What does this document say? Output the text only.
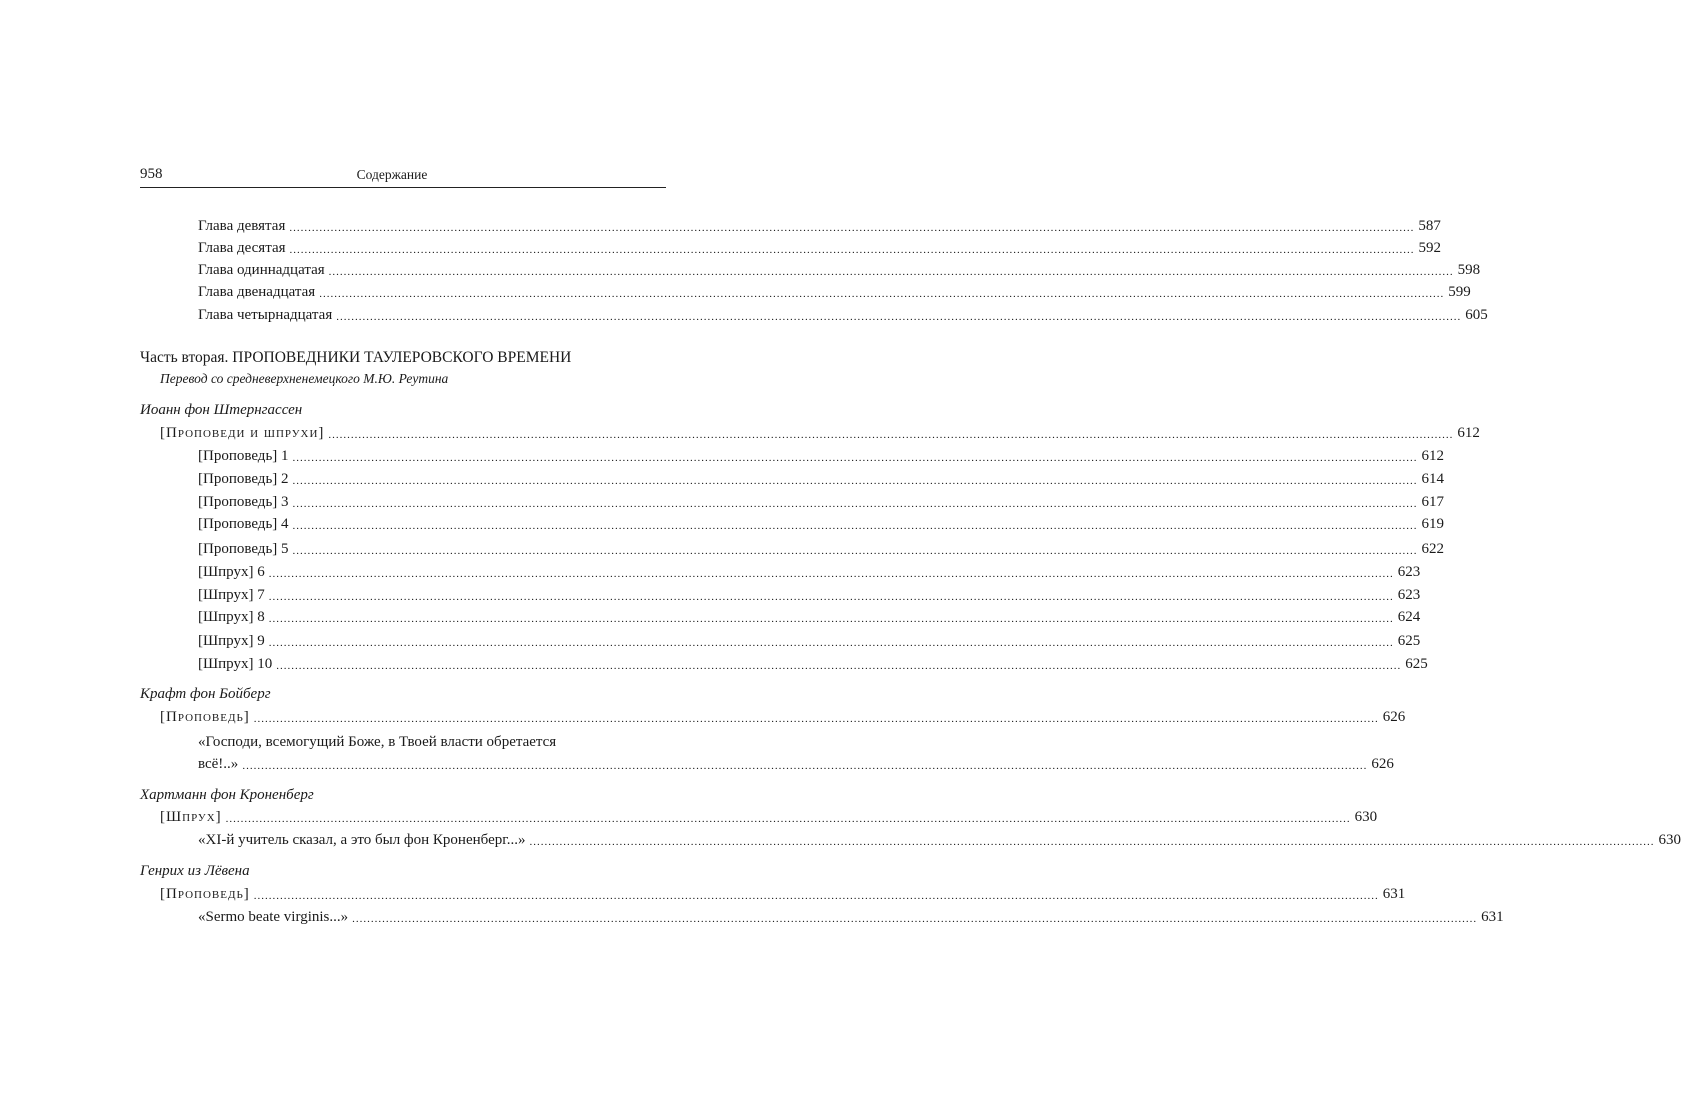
958	Содержание
Глава девятая ............................................................................................................................................................................................................................................................................................................ 587
Глава десятая ............................................................................................................................................................................................................................................................................................................ 592
Глава одиннадцатая ............................................................................................................................................................................................................................................................................................................ 598
Глава двенадцатая ............................................................................................................................................................................................................................................................................................................ 599
Глава четырнадцатая ............................................................................................................................................................................................................................................................................................................ 605
Часть вторая. ПРОПОВЕДНИКИ ТАУЛЕРОВСКОГО ВРЕМЕНИ
Перевод со средневерхненемецкого М.Ю. Реутина
Иоанн фон Штернгассен
[Проповеди и шпрухи] ............................................................................................................................................................................................................................................................................................................ 612
[Проповедь] 1 ............................................................................................................................................................................................................................................................................................................ 612
[Проповедь] 2 ............................................................................................................................................................................................................................................................................................................ 614
[Проповедь] 3 ............................................................................................................................................................................................................................................................................................................ 617
[Проповедь] 4 ............................................................................................................................................................................................................................................................................................................ 619
[Проповедь] 5 ............................................................................................................................................................................................................................................................................................................ 622
[Шпрух] 6 ............................................................................................................................................................................................................................................................................................................ 623
[Шпрух] 7 ............................................................................................................................................................................................................................................................................................................ 623
[Шпрух] 8 ............................................................................................................................................................................................................................................................................................................ 624
[Шпрух] 9 ............................................................................................................................................................................................................................................................................................................ 625
[Шпрух] 10 ............................................................................................................................................................................................................................................................................................................ 625
Крафт фон Бойберг
[Проповедь] ............................................................................................................................................................................................................................................................................................................ 626
«Господи, всемогущий Боже, в Твоей власти обретается
всё!..» ............................................................................................................................................................................................................................................................................................................ 626
Хартманн фон Кроненберг
[Шпрух] ............................................................................................................................................................................................................................................................................................................ 630
«XI-й учитель сказал, а это был фон Кроненберг...» ............................................................................................................................................................................................................................................................................................................ 630
Генрих из Лёвена
[Проповедь] ............................................................................................................................................................................................................................................................................................................ 631
«Sermo beate virginis...» ............................................................................................................................................................................................................................................................................................................ 631
